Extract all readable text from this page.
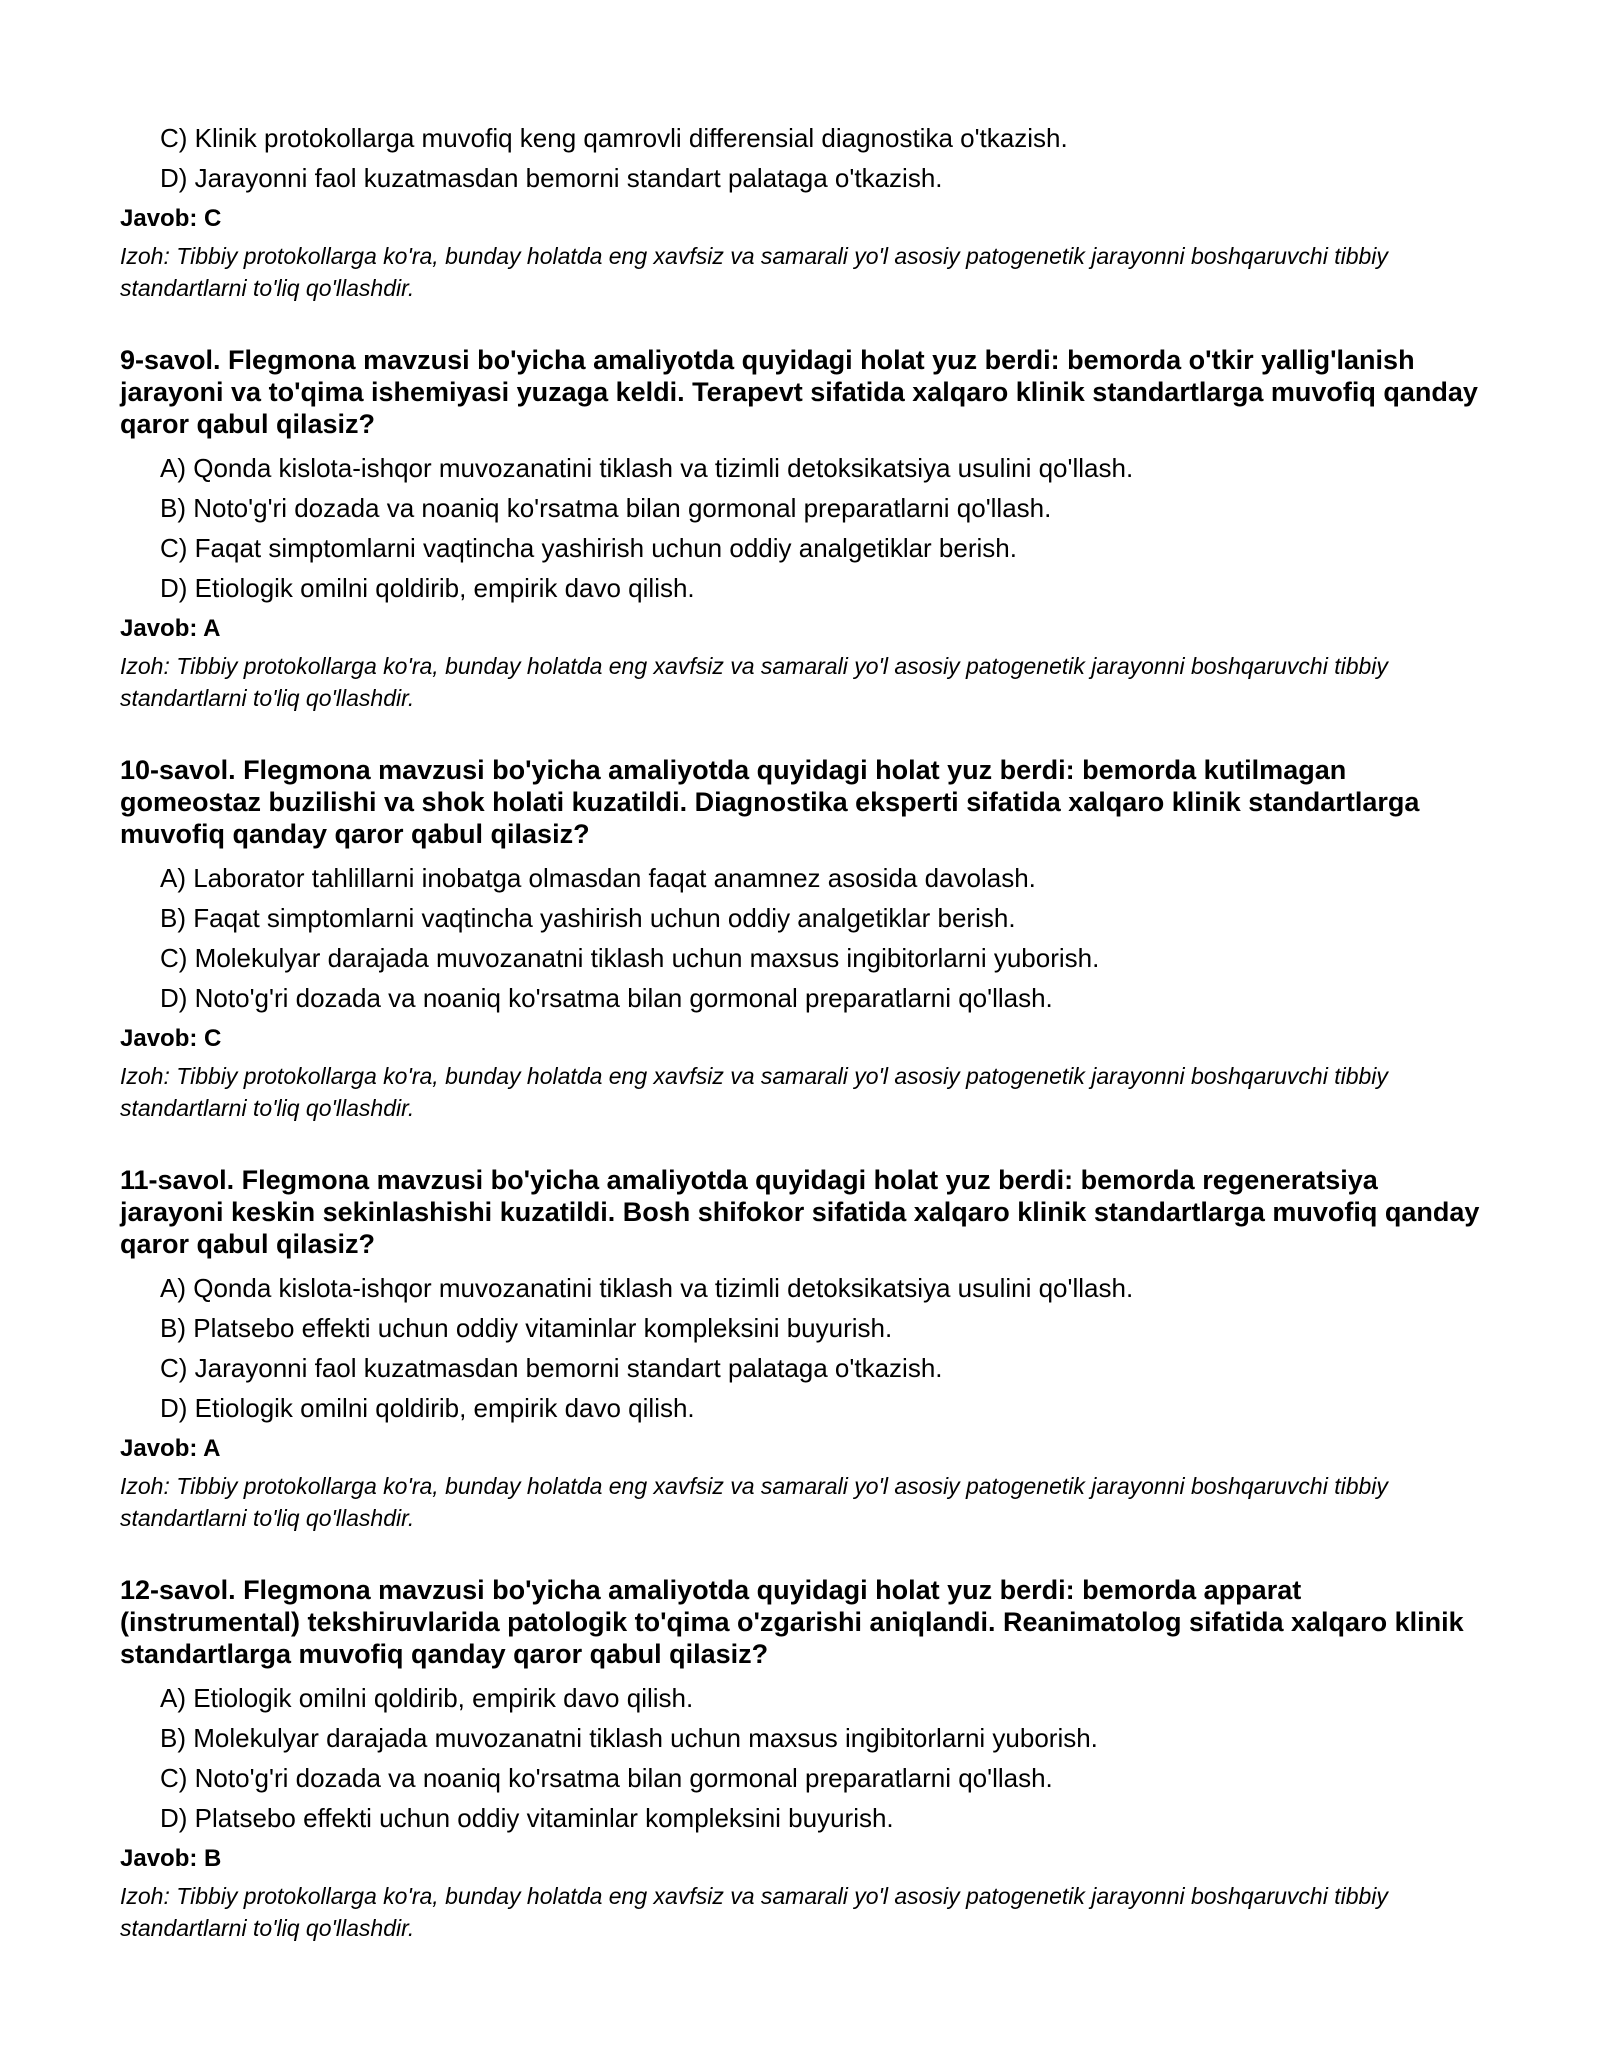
C) Klinik protokollarga muvofiq keng qamrovli differensial diagnostika o'tkazish.
D) Jarayonni faol kuzatmasdan bemorni standart palataga o'tkazish.
Javob: C
Izoh: Tibbiy protokollarga ko'ra, bunday holatda eng xavfsiz va samarali yo'l asosiy patogenetik jarayonni boshqaruvchi tibbiy standartlarni to'liq qo'llashdir.
9-savol. Flegmona mavzusi bo'yicha amaliyotda quyidagi holat yuz berdi: bemorda o'tkir yallig'lanish jarayoni va to'qima ishemiyasi yuzaga keldi. Terapevt sifatida xalqaro klinik standartlarga muvofiq qanday qaror qabul qilasiz?
A) Qonda kislota-ishqor muvozanatini tiklash va tizimli detoksikatsiya usulini qo'llash.
B) Noto'g'ri dozada va noaniq ko'rsatma bilan gormonal preparatlarni qo'llash.
C) Faqat simptomlarni vaqtincha yashirish uchun oddiy analgetiklar berish.
D) Etiologik omilni qoldirib, empirik davo qilish.
Javob: A
Izoh: Tibbiy protokollarga ko'ra, bunday holatda eng xavfsiz va samarali yo'l asosiy patogenetik jarayonni boshqaruvchi tibbiy standartlarni to'liq qo'llashdir.
10-savol. Flegmona mavzusi bo'yicha amaliyotda quyidagi holat yuz berdi: bemorda kutilmagan gomeostaz buzilishi va shok holati kuzatildi. Diagnostika eksperti sifatida xalqaro klinik standartlarga muvofiq qanday qaror qabul qilasiz?
A) Laborator tahlillarni inobatga olmasdan faqat anamnez asosida davolash.
B) Faqat simptomlarni vaqtincha yashirish uchun oddiy analgetiklar berish.
C) Molekulyar darajada muvozanatni tiklash uchun maxsus ingibitorlarni yuborish.
D) Noto'g'ri dozada va noaniq ko'rsatma bilan gormonal preparatlarni qo'llash.
Javob: C
Izoh: Tibbiy protokollarga ko'ra, bunday holatda eng xavfsiz va samarali yo'l asosiy patogenetik jarayonni boshqaruvchi tibbiy standartlarni to'liq qo'llashdir.
11-savol. Flegmona mavzusi bo'yicha amaliyotda quyidagi holat yuz berdi: bemorda regeneratsiya jarayoni keskin sekinlashishi kuzatildi. Bosh shifokor sifatida xalqaro klinik standartlarga muvofiq qanday qaror qabul qilasiz?
A) Qonda kislota-ishqor muvozanatini tiklash va tizimli detoksikatsiya usulini qo'llash.
B) Platsebo effekti uchun oddiy vitaminlar kompleksini buyurish.
C) Jarayonni faol kuzatmasdan bemorni standart palataga o'tkazish.
D) Etiologik omilni qoldirib, empirik davo qilish.
Javob: A
Izoh: Tibbiy protokollarga ko'ra, bunday holatda eng xavfsiz va samarali yo'l asosiy patogenetik jarayonni boshqaruvchi tibbiy standartlarni to'liq qo'llashdir.
12-savol. Flegmona mavzusi bo'yicha amaliyotda quyidagi holat yuz berdi: bemorda apparat (instrumental) tekshiruvlarida patologik to'qima o'zgarishi aniqlandi. Reanimatolog sifatida xalqaro klinik standartlarga muvofiq qanday qaror qabul qilasiz?
A) Etiologik omilni qoldirib, empirik davo qilish.
B) Molekulyar darajada muvozanatni tiklash uchun maxsus ingibitorlarni yuborish.
C) Noto'g'ri dozada va noaniq ko'rsatma bilan gormonal preparatlarni qo'llash.
D) Platsebo effekti uchun oddiy vitaminlar kompleksini buyurish.
Javob: B
Izoh: Tibbiy protokollarga ko'ra, bunday holatda eng xavfsiz va samarali yo'l asosiy patogenetik jarayonni boshqaruvchi tibbiy standartlarni to'liq qo'llashdir.
